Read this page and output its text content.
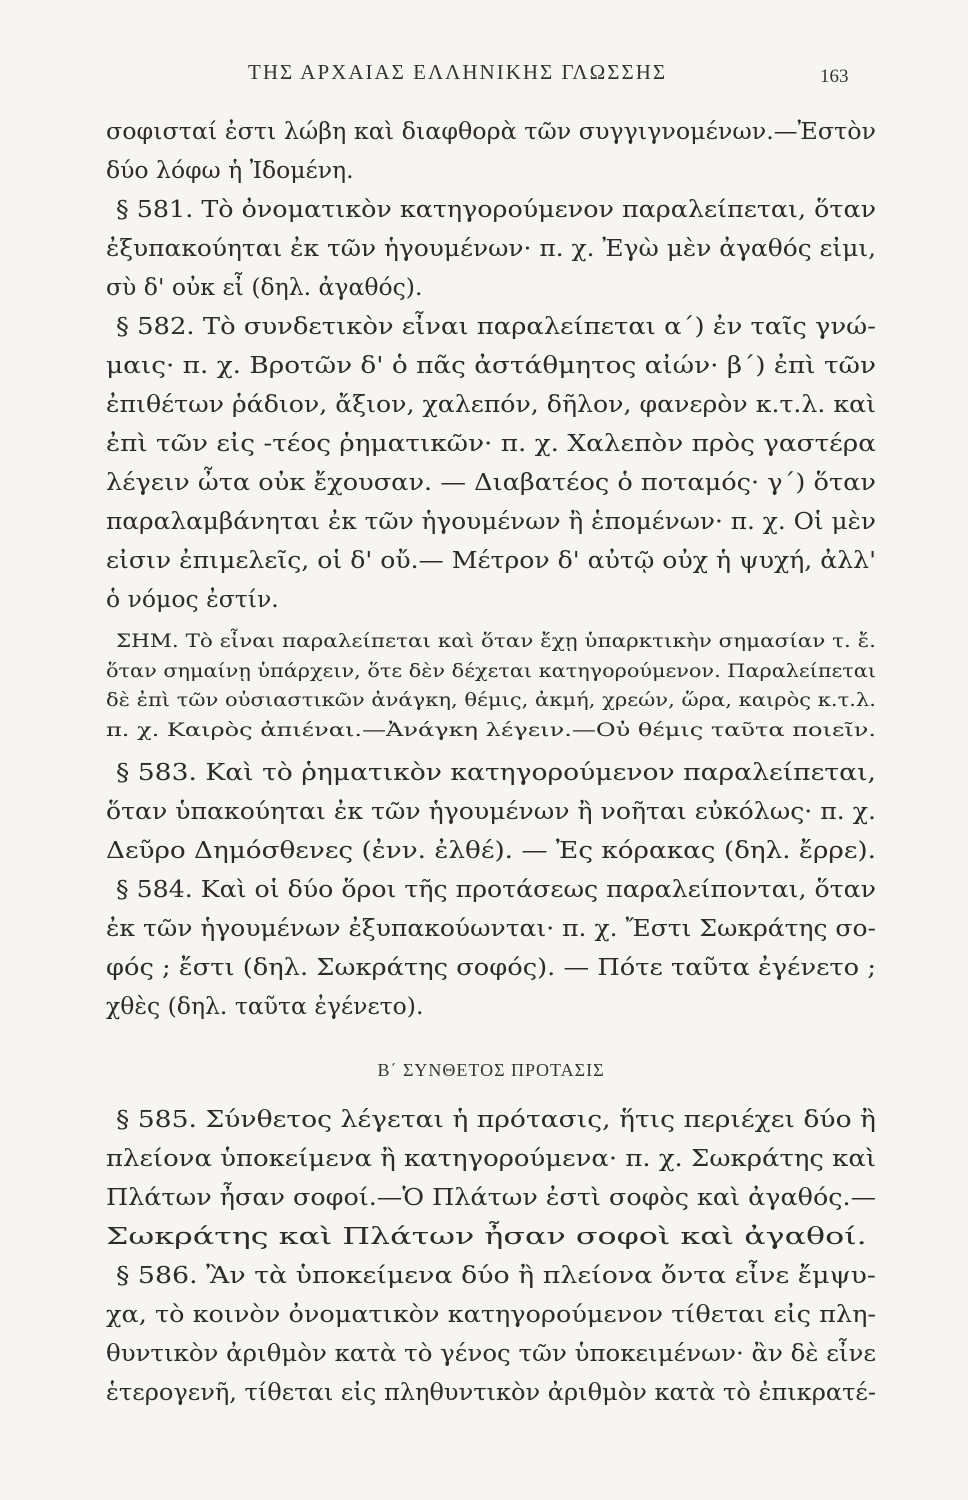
ΤΗΣ ΑΡΧΑΙΑΣ ΕΛΛΗΝΙΚΗΣ ΓΛΩΣΣΗΣ	163
σοφισταί ἐστι λώβη καὶ διαφθορὰ τῶν συγγιγνομένων.—Ἐστὸν
δύο λόφω ἡ Ἰδομένη.
§ 581. Τὸ ὀνοματικὸν κατηγορούμενον παραλείπεται, ὅταν
ἐξυπακούηται ἐκ τῶν ἡγουμένων· π. χ. Ἐγὼ μὲν ἀγαθός εἰμι,
σὺ δ' οὐκ εἶ (δηλ. ἀγαθός).
§ 582. Τὸ συνδετικὸν εἶναι παραλείπεται α΄) ἐν ταῖς γνώ-
μαις· π. χ. Βροτῶν δ' ὁ πᾶς ἀστάθμητος αἰών· β΄) ἐπὶ τῶν
ἐπιθέτων ῥάδιον, ἄξιον, χαλεπόν, δῆλον, φανερὸν κ.τ.λ. καὶ
ἐπὶ τῶν εἰς -τέος ῥηματικῶν· π. χ. Χαλεπὸν πρὸς γαστέρα
λέγειν ὦτα οὐκ ἔχουσαν. — Διαβατέος ὁ ποταμός· γ΄) ὅταν
παραλαμβάνηται ἐκ τῶν ἡγουμένων ἢ ἑπομένων· π. χ. Οἱ μὲν
εἰσιν ἐπιμελεῖς, οἱ δ' οὔ.— Μέτρον δ' αὐτῷ οὐχ ἡ ψυχή, ἀλλ'
ὁ νόμος ἐστίν.
ΣΗΜ. Τὸ εἶναι παραλείπεται καὶ ὅταν ἔχῃ ὑπαρκτικὴν σημασίαν τ. ἔ.
ὅταν σημαίνῃ ὑπάρχειν, ὅτε δὲν δέχεται κατηγορούμενον. Παραλείπεται
δὲ ἐπὶ τῶν οὐσιαστικῶν ἀνάγκη, θέμις, ἀκμή, χρεών, ὥρα, καιρὸς κ.τ.λ.
π. χ. Καιρὸς ἀπιέναι.—Ἀνάγκη λέγειν.—Οὐ θέμις ταῦτα ποιεῖν.
§ 583. Καὶ τὸ ῥηματικὸν κατηγορούμενον παραλείπεται,
ὅταν ὑπακούηται ἐκ τῶν ἡγουμένων ἢ νοῆται εὐκόλως· π. χ.
Δεῦρο Δημόσθενες (ἐνν. ἐλθέ). — Ἐς κόρακας (δηλ. ἔρρε).
§ 584. Καὶ οἱ δύο ὅροι τῆς προτάσεως παραλείπονται, ὅταν
ἐκ τῶν ἡγουμένων ἐξυπακούωνται· π. χ. Ἔστι Σωκράτης σο-
φός ; ἔστι (δηλ. Σωκράτης σοφός). — Πότε ταῦτα ἐγένετο ;
χθὲς (δηλ. ταῦτα ἐγένετο).
Β΄ ΣΥΝΘΕΤΟΣ ΠΡΟΤΑΣΙΣ
§ 585. Σύνθετος λέγεται ἡ πρότασις, ἥτις περιέχει δύο ἢ
πλείονα ὑποκείμενα ἢ κατηγορούμενα· π. χ. Σωκράτης καὶ
Πλάτων ἦσαν σοφοί.—Ὁ Πλάτων ἐστὶ σοφὸς καὶ ἀγαθός.—
Σωκράτης καὶ Πλάτων ἦσαν σοφοὶ καὶ ἀγαθοί.
§ 586. Ἂν τὰ ὑποκείμενα δύο ἢ πλείονα ὄντα εἶνε ἔμψυ-
χα, τὸ κοινὸν ὀνοματικὸν κατηγορούμενον τίθεται εἰς πλη-
θυντικὸν ἀριθμὸν κατὰ τὸ γένος τῶν ὑποκειμένων· ἂν δὲ εἶνε
ἑτερογενῆ, τίθεται εἰς πληθυντικὸν ἀριθμὸν κατὰ τὸ ἐπικρατέ-
